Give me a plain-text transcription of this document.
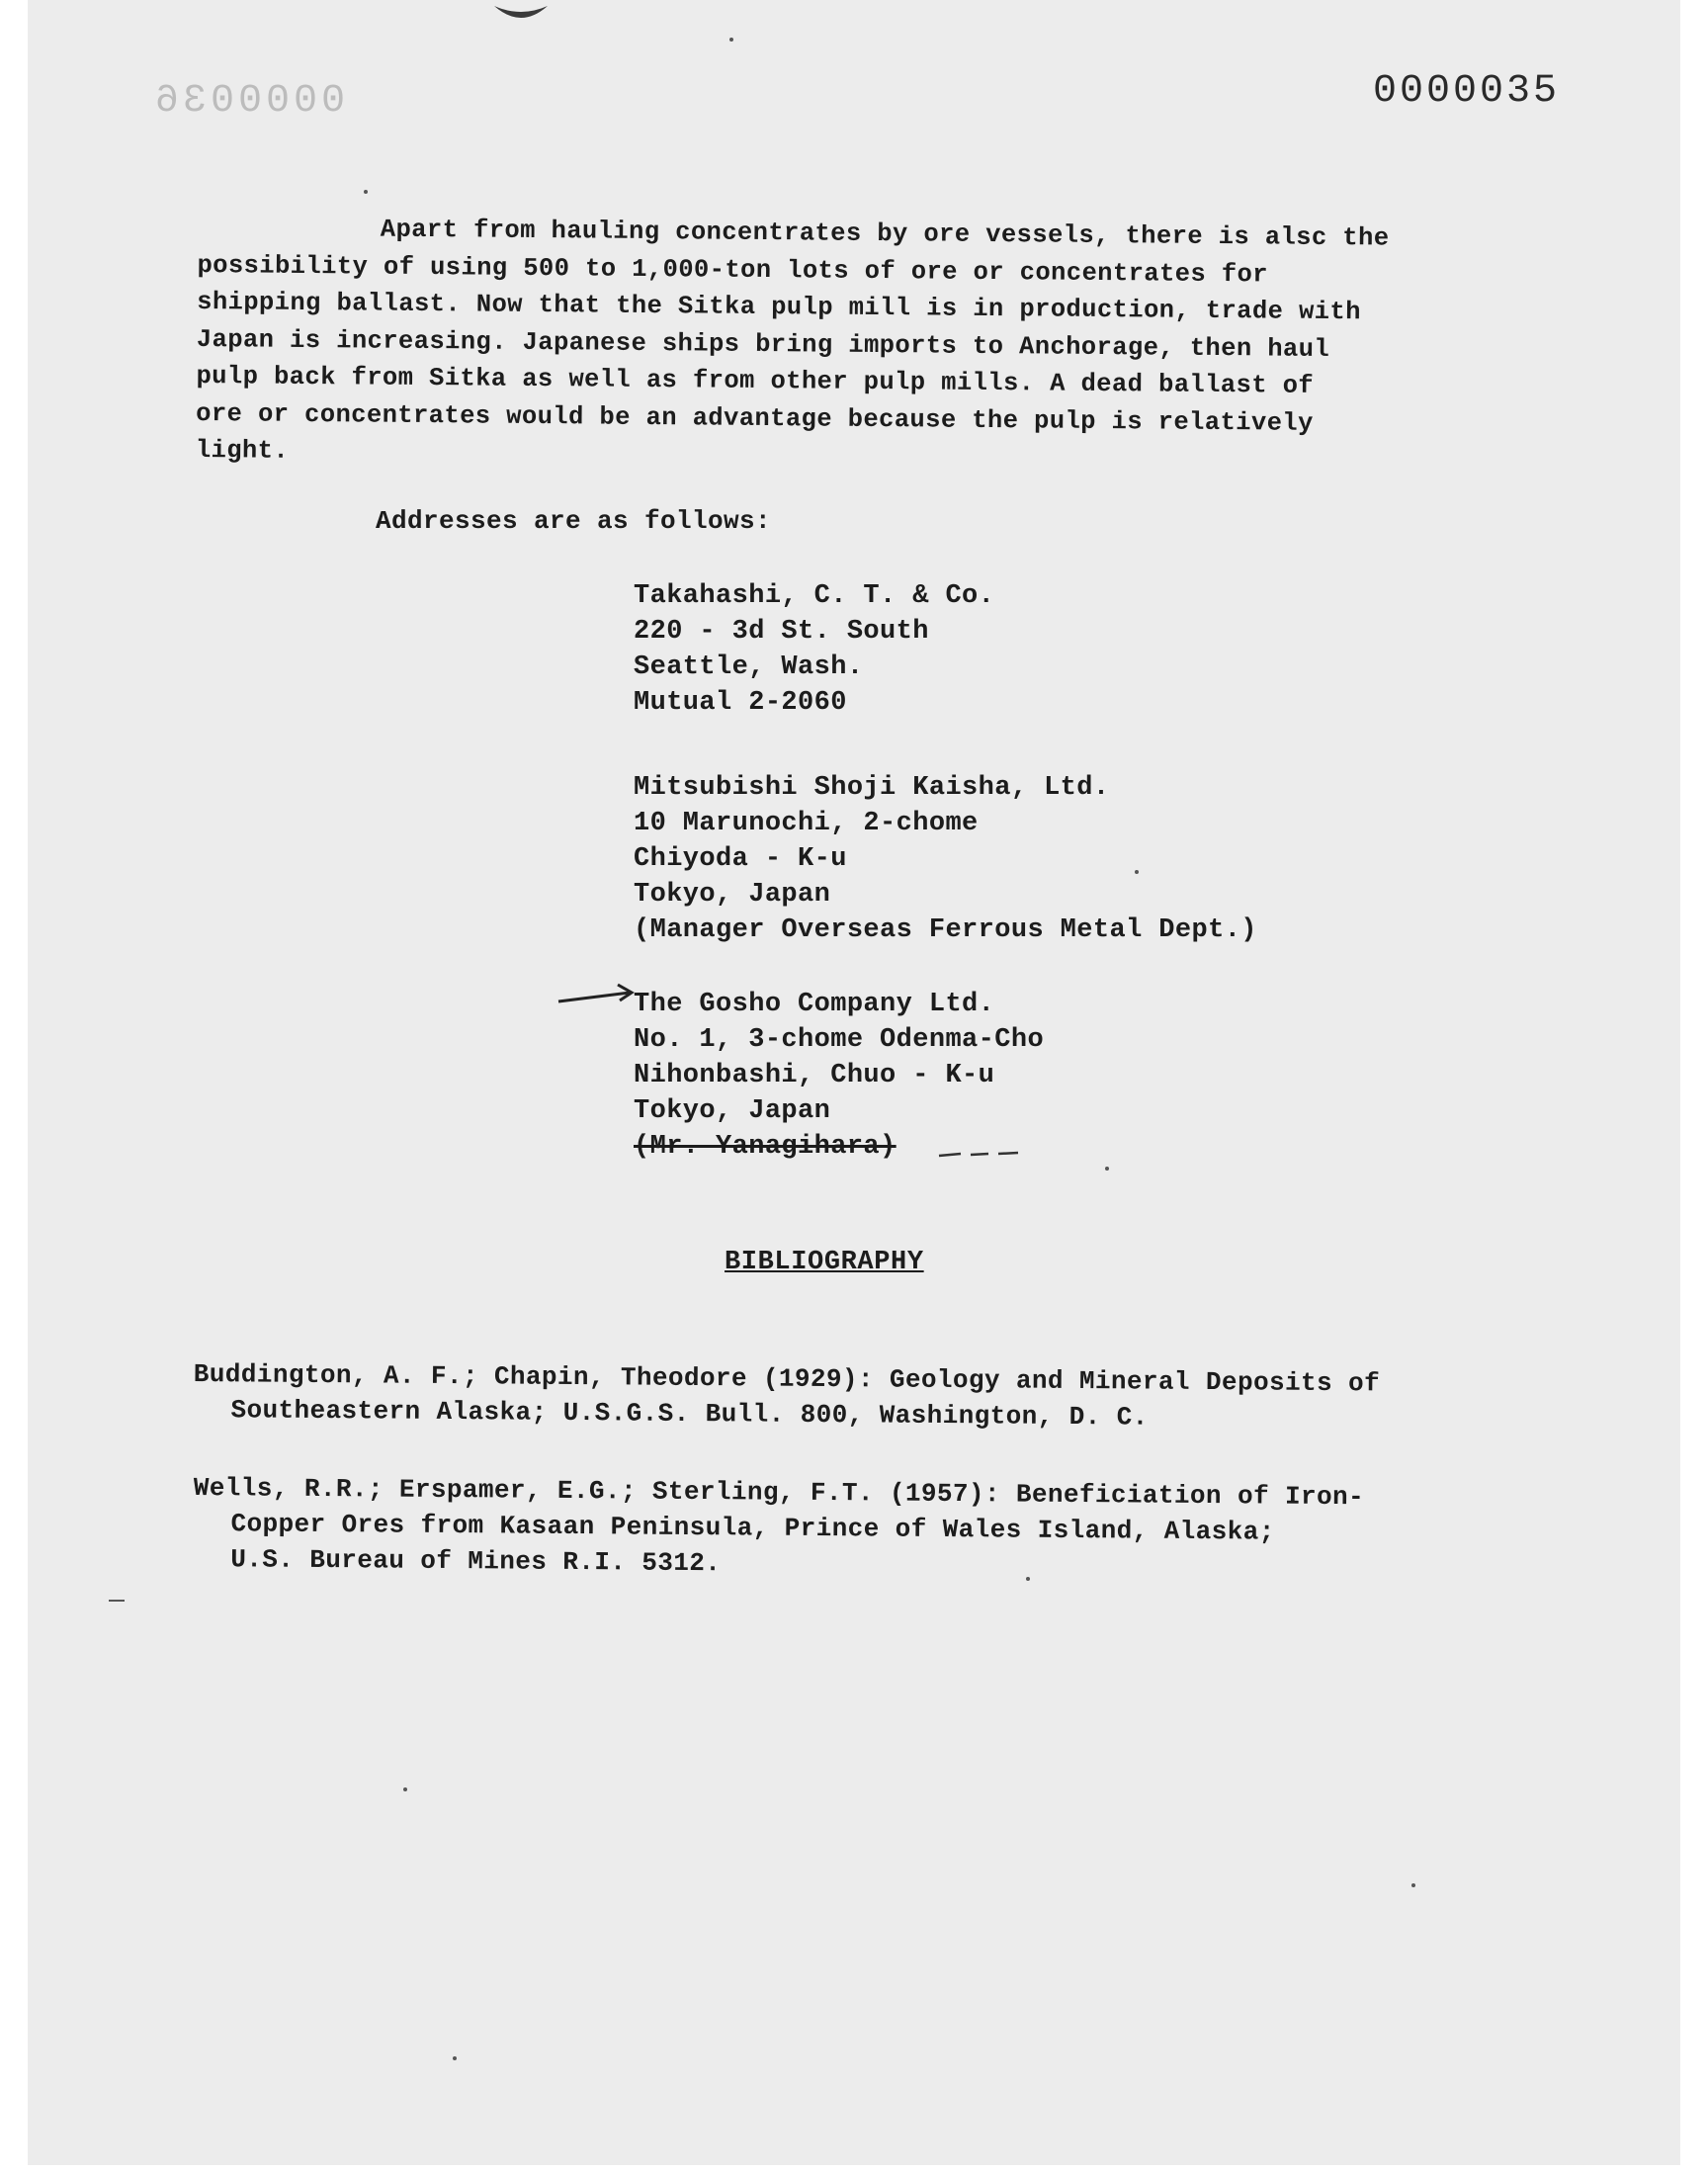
0000036	0000035

Apart from hauling concentrates by ore vessels, there is alsc the
possibility of using 500 to 1,000-ton lots of ore or concentrates for
shipping ballast. Now that the Sitka pulp mill is in production, trade with
Japan is increasing. Japanese ships bring imports to Anchorage, then haul
pulp back from Sitka as well as from other pulp mills. A dead ballast of
ore or concentrates would be an advantage because the pulp is relatively
light.

Addresses are as follows:

Takahashi, C. T. & Co.
220 - 3d St. South
Seattle, Wash.
Mutual 2-2060
Mitsubishi Shoji Kaisha, Ltd.
10 Marunochi, 2-chome
Chiyoda - K-u
Tokyo, Japan
(Manager Overseas Ferrous Metal Dept.)
The Gosho Company Ltd.
No. 1, 3-chome Odenma-Cho
Nihonbashi, Chuo - K-u
Tokyo, Japan
(Mr. Yanagihara)

BIBLIOGRAPHY

Buddington, A. F.; Chapin, Theodore (1929): Geology and Mineral Deposits of
Southeastern Alaska; U.S.G.S. Bull. 800, Washington, D. C.

Wells, R.R.; Erspamer, E.G.; Sterling, F.T. (1957): Beneficiation of Iron-
Copper Ores from Kasaan Peninsula, Prince of Wales Island, Alaska;
U.S. Bureau of Mines R.I. 5312.
